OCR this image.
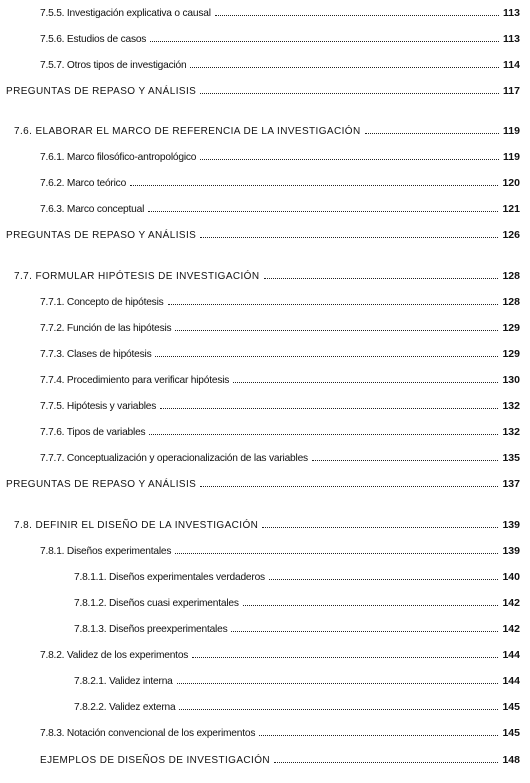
7.5.5. Investigación explicativa o causal	113
7.5.6. Estudios de casos	113
7.5.7. Otros tipos de investigación	114
PREGUNTAS DE REPASO Y ANÁLISIS	117
7.6. ELABORAR EL MARCO DE REFERENCIA DE LA INVESTIGACIÓN	119
7.6.1. Marco filosófico-antropológico	119
7.6.2. Marco teórico	120
7.6.3. Marco conceptual	121
PREGUNTAS DE REPASO Y ANÁLISIS	126
7.7. FORMULAR HIPÓTESIS DE INVESTIGACIÓN	128
7.7.1. Concepto de hipótesis	128
7.7.2. Función de las hipótesis	129
7.7.3. Clases de hipótesis	129
7.7.4. Procedimiento para verificar hipótesis	130
7.7.5. Hipótesis y variables	132
7.7.6. Tipos de variables	132
7.7.7. Conceptualización y operacionalización de las variables	135
PREGUNTAS DE REPASO Y ANÁLISIS	137
7.8. DEFINIR EL DISEÑO DE LA INVESTIGACIÓN	139
7.8.1. Diseños experimentales	139
7.8.1.1. Diseños experimentales verdaderos	140
7.8.1.2. Diseños cuasi experimentales	142
7.8.1.3. Diseños preexperimentales	142
7.8.2. Validez de los experimentos	144
7.8.2.1. Validez interna	144
7.8.2.2. Validez externa	145
7.8.3. Notación convencional de los experimentos	145
EJEMPLOS DE DISEÑOS DE INVESTIGACIÓN	148
